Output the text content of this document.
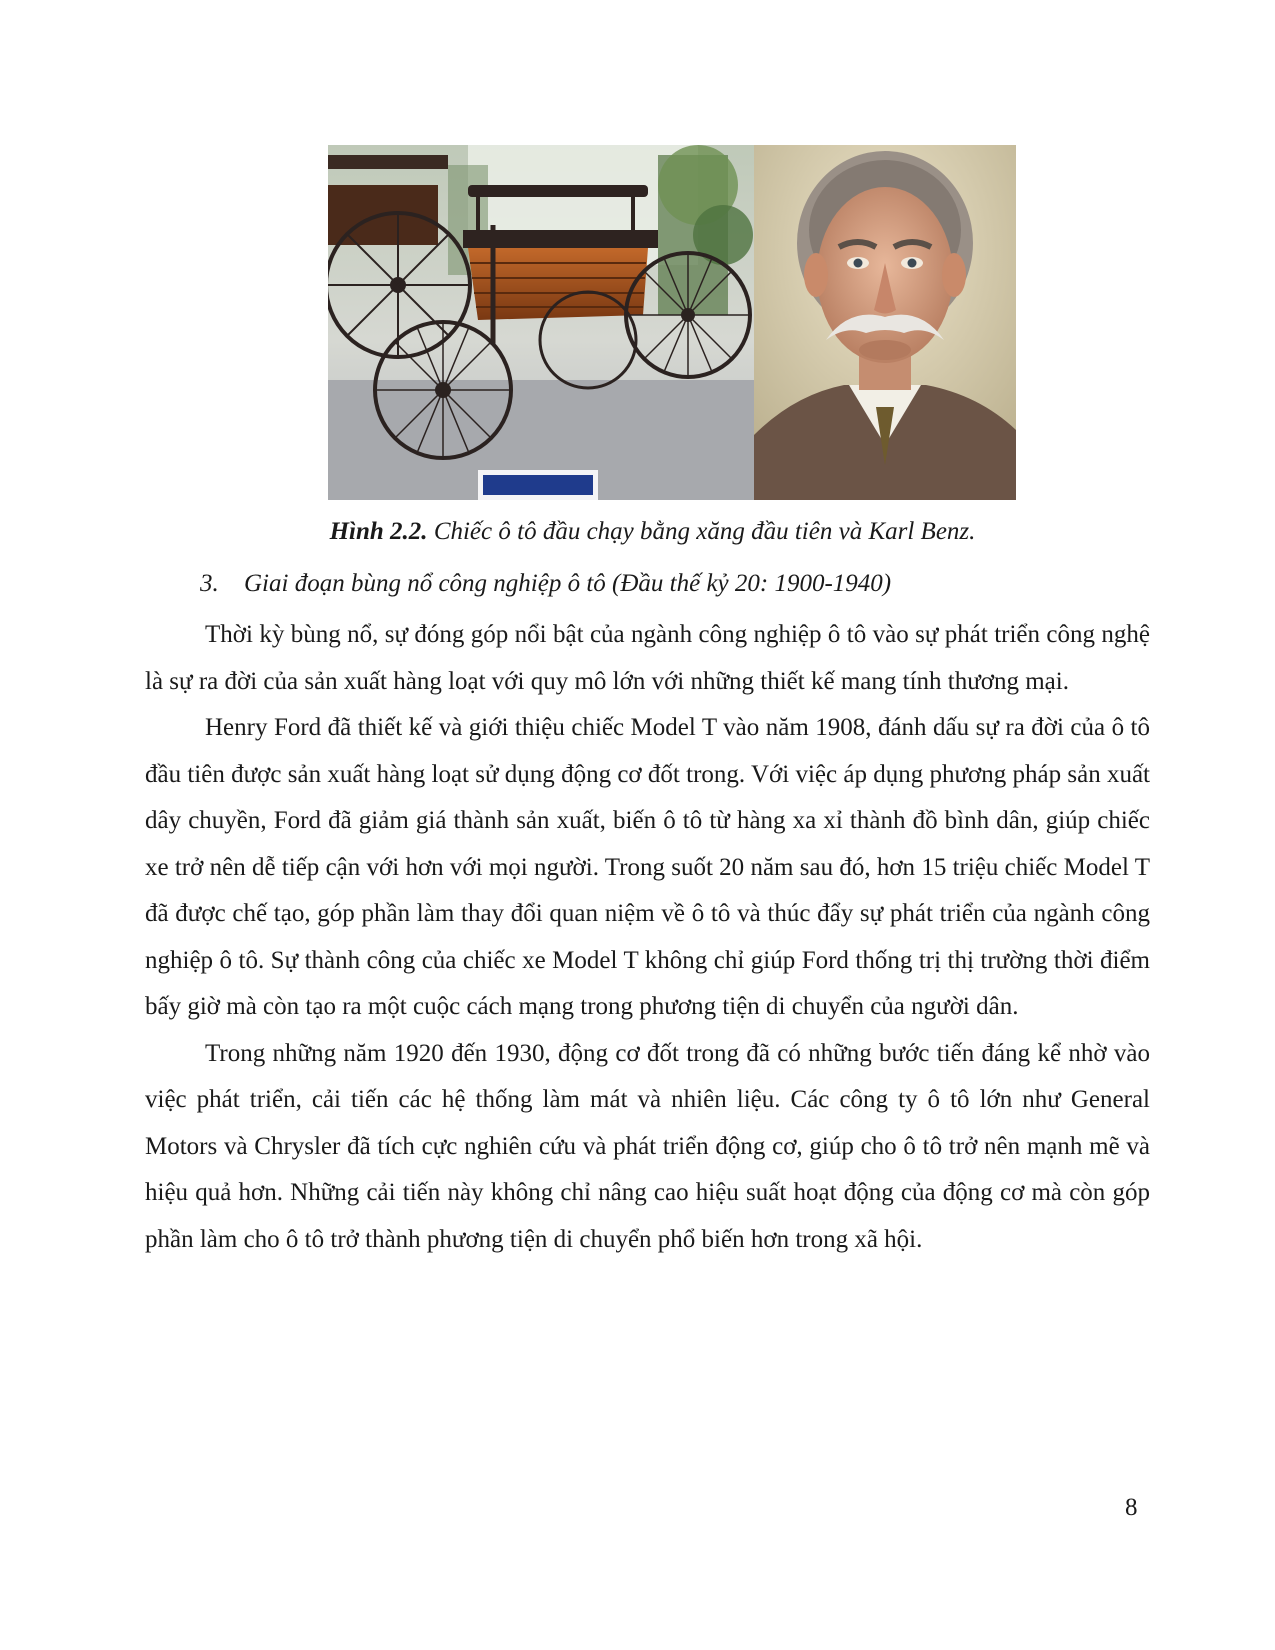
Hình 2.2. Chiếc ô tô đầu chạy bằng xăng đầu tiên và Karl Benz.
3. Giai đoạn bùng nổ công nghiệp ô tô (Đầu thế kỷ 20: 1900-1940)

Thời kỳ bùng nổ, sự đóng góp nổi bật của ngành công nghiệp ô tô vào sự phát triển công nghệ là sự ra đời của sản xuất hàng loạt với quy mô lớn với những thiết kế mang tính thương mại.

Henry Ford đã thiết kế và giới thiệu chiếc Model T vào năm 1908, đánh dấu sự ra đời của ô tô đầu tiên được sản xuất hàng loạt sử dụng động cơ đốt trong. Với việc áp dụng phương pháp sản xuất dây chuyền, Ford đã giảm giá thành sản xuất, biến ô tô từ hàng xa xỉ thành đồ bình dân, giúp chiếc xe trở nên dễ tiếp cận với hơn với mọi người. Trong suốt 20 năm sau đó, hơn 15 triệu chiếc Model T đã được chế tạo, góp phần làm thay đổi quan niệm về ô tô và thúc đẩy sự phát triển của ngành công nghiệp ô tô. Sự thành công của chiếc xe Model T không chỉ giúp Ford thống trị thị trường thời điểm bấy giờ mà còn tạo ra một cuộc cách mạng trong phương tiện di chuyển của người dân.

Trong những năm 1920 đến 1930, động cơ đốt trong đã có những bước tiến đáng kể nhờ vào việc phát triển, cải tiến các hệ thống làm mát và nhiên liệu. Các công ty ô tô lớn như General Motors và Chrysler đã tích cực nghiên cứu và phát triển động cơ, giúp cho ô tô trở nên mạnh mẽ và hiệu quả hơn. Những cải tiến này không chỉ nâng cao hiệu suất hoạt động của động cơ mà còn góp phần làm cho ô tô trở thành phương tiện di chuyển phổ biến hơn trong xã hội.

8
